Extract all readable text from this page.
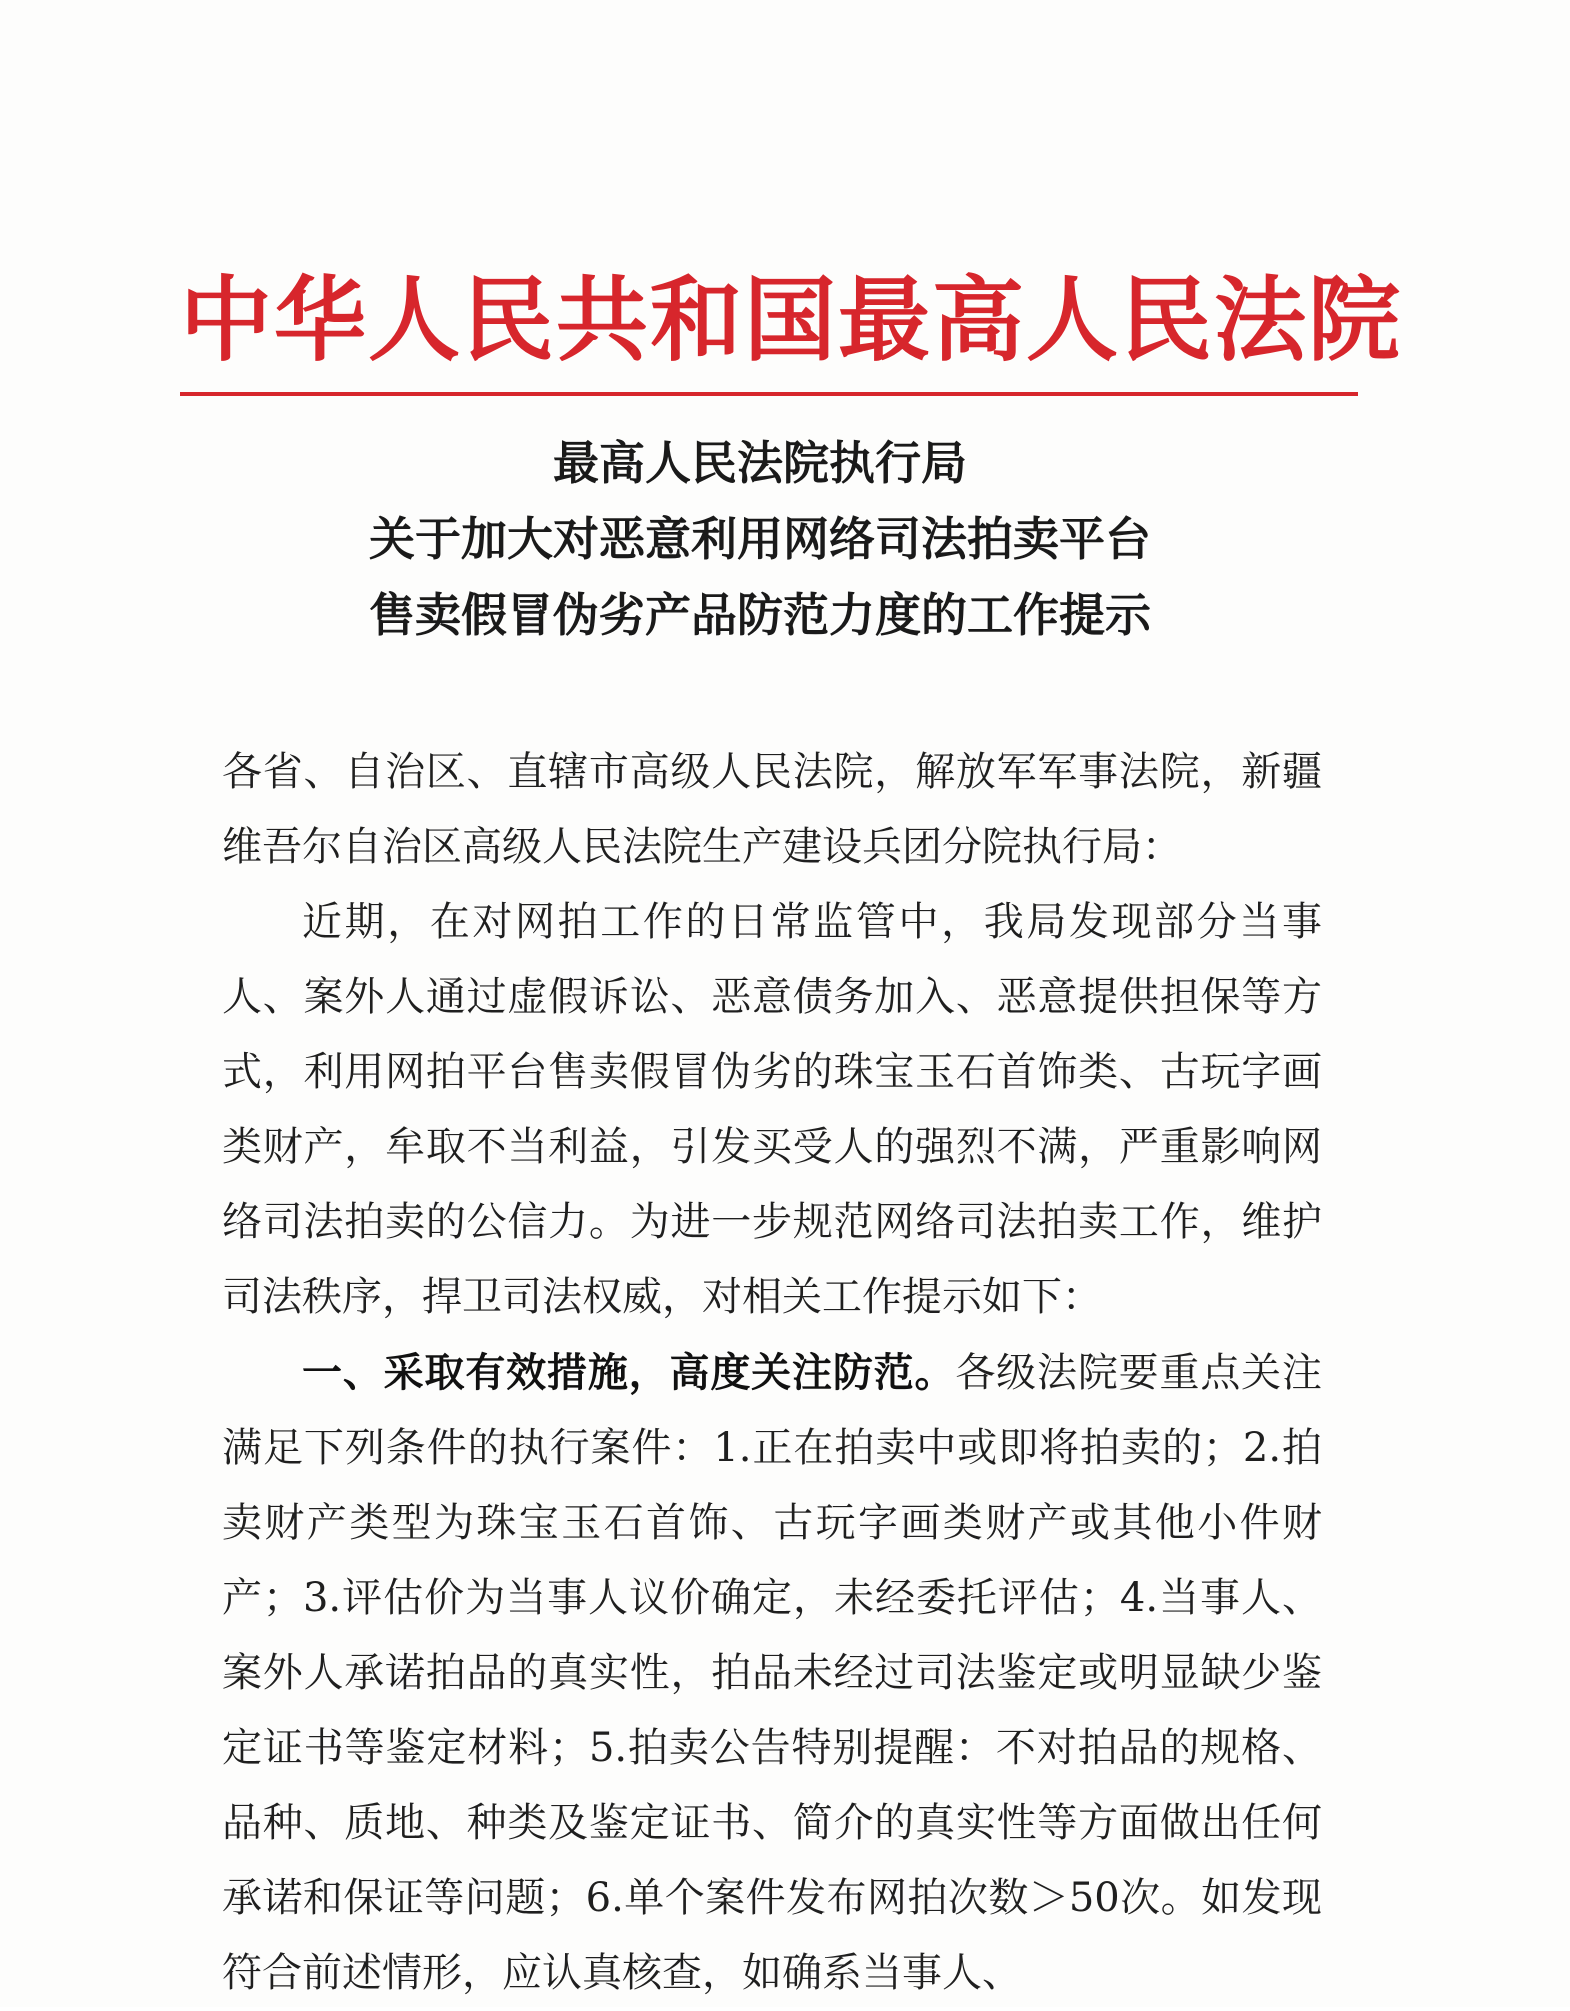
中华人民共和国最高人民法院
最高人民法院执行局
关于加大对恶意利用网络司法拍卖平台
售卖假冒伪劣产品防范力度的工作提示

各省、自治区、直辖市高级人民法院，解放军军事法院，新疆维吾尔自治区高级人民法院生产建设兵团分院执行局：

近期，在对网拍工作的日常监管中，我局发现部分当事人、案外人通过虚假诉讼、恶意债务加入、恶意提供担保等方式，利用网拍平台售卖假冒伪劣的珠宝玉石首饰类、古玩字画类财产，牟取不当利益，引发买受人的强烈不满，严重影响网络司法拍卖的公信力。为进一步规范网络司法拍卖工作，维护司法秩序，捍卫司法权威，对相关工作提示如下：

一、采取有效措施，高度关注防范。各级法院要重点关注满足下列条件的执行案件：1.正在拍卖中或即将拍卖的；2.拍卖财产类型为珠宝玉石首饰、古玩字画类财产或其他小件财产；3.评估价为当事人议价确定，未经委托评估；4.当事人、案外人承诺拍品的真实性，拍品未经过司法鉴定或明显缺少鉴定证书等鉴定材料；5.拍卖公告特别提醒：不对拍品的规格、品种、质地、种类及鉴定证书、简介的真实性等方面做出任何承诺和保证等问题；6.单个案件发布网拍次数＞50次。如发现符合前述情形，应认真核查，如确系当事人、
